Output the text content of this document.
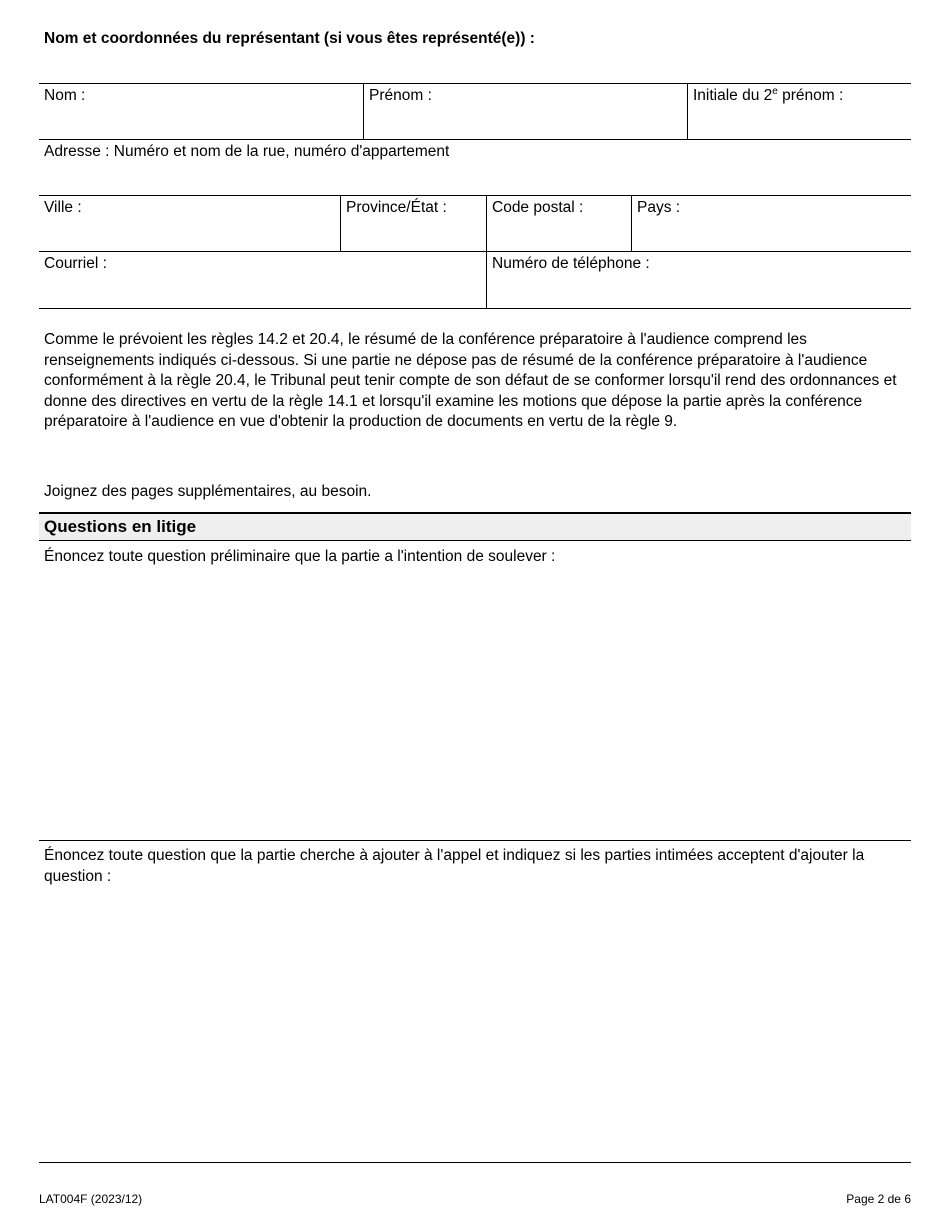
Nom et coordonnées du représentant (si vous êtes représenté(e)) :
Nom :	Prénom :	Initiale du 2e prénom :
Adresse : Numéro et nom de la rue, numéro d'appartement
Ville :	Province/État :	Code postal :	Pays :
Courriel :	Numéro de téléphone :
Comme le prévoient les règles 14.2 et 20.4, le résumé de la conférence préparatoire à l'audience comprend les renseignements indiqués ci-dessous. Si une partie ne dépose pas de résumé de la conférence préparatoire à l'audience conformément à la règle 20.4, le Tribunal peut tenir compte de son défaut de se conformer lorsqu'il rend des ordonnances et donne des directives en vertu de la règle 14.1 et lorsqu'il examine les motions que dépose la partie après la conférence préparatoire à l'audience en vue d'obtenir la production de documents en vertu de la règle 9.
Joignez des pages supplémentaires, au besoin.
Questions en litige
Énoncez toute question préliminaire que la partie a l'intention de soulever :
Énoncez toute question que la partie cherche à ajouter à l'appel et indiquez si les parties intimées acceptent d'ajouter la question :
LAT004F (2023/12)	Page 2 de 6
